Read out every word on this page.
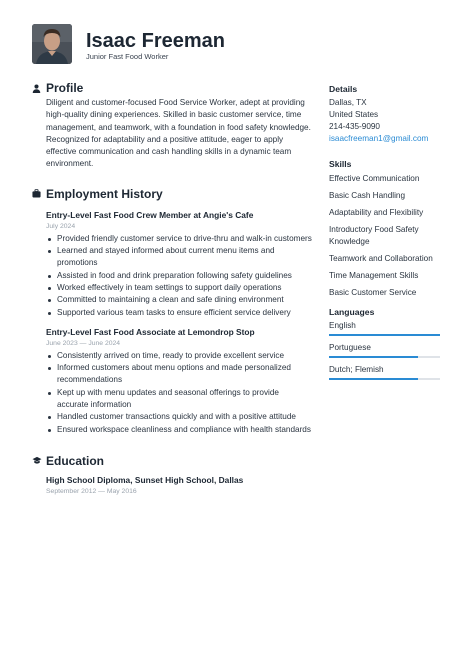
Isaac Freeman
Junior Fast Food Worker
Profile
Diligent and customer-focused Food Service Worker, adept at providing high-quality dining experiences. Skilled in basic customer service, time management, and teamwork, with a foundation in food safety knowledge. Recognized for adaptability and a positive attitude, eager to apply effective communication and cash handling skills in a dynamic team environment.
Employment History
Entry-Level Fast Food Crew Member at Angie's Cafe
July 2024
Provided friendly customer service to drive-thru and walk-in customers
Learned and stayed informed about current menu items and promotions
Assisted in food and drink preparation following safety guidelines
Worked effectively in team settings to support daily operations
Committed to maintaining a clean and safe dining environment
Supported various team tasks to ensure efficient service delivery
Entry-Level Fast Food Associate at Lemondrop Stop
June 2023 — June 2024
Consistently arrived on time, ready to provide excellent service
Informed customers about menu options and made personalized recommendations
Kept up with menu updates and seasonal offerings to provide accurate information
Handled customer transactions quickly and with a positive attitude
Ensured workspace cleanliness and compliance with health standards
Education
High School Diploma, Sunset High School, Dallas
September 2012 — May 2016
Details
Dallas, TX
United States
214-435-9090
isaacfreeman1@gmail.com
Skills
Effective Communication
Basic Cash Handling
Adaptability and Flexibility
Introductory Food Safety Knowledge
Teamwork and Collaboration
Time Management Skills
Basic Customer Service
Languages
English
Portuguese
Dutch; Flemish
